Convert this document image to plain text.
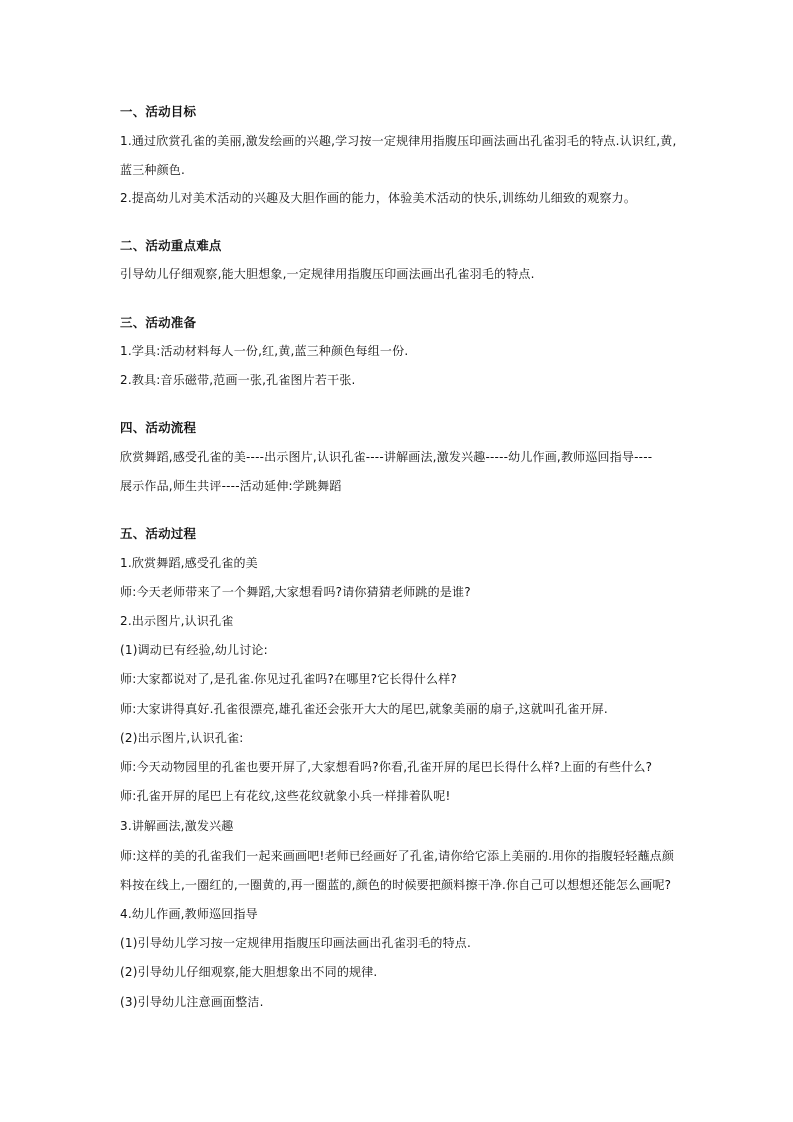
一、活动目标
1.通过欣赏孔雀的美丽,激发绘画的兴趣,学习按一定规律用指腹压印画法画出孔雀羽毛的特点.认识红,黄,
蓝三种颜色.
2.提高幼儿对美术活动的兴趣及大胆作画的能力，体验美术活动的快乐,训练幼儿细致的观察力。
二、活动重点难点
引导幼儿仔细观察,能大胆想象,一定规律用指腹压印画法画出孔雀羽毛的特点.
三、活动准备
1.学具:活动材料每人一份,红,黄,蓝三种颜色每组一份.
2.教具:音乐磁带,范画一张,孔雀图片若干张.
四、活动流程
欣赏舞蹈,感受孔雀的美----出示图片,认识孔雀----讲解画法,激发兴趣-----幼儿作画,教师巡回指导----
展示作品,师生共评----活动延伸:学跳舞蹈
五、活动过程
1.欣赏舞蹈,感受孔雀的美
师:今天老师带来了一个舞蹈,大家想看吗?请你猜猜老师跳的是谁?
2.出示图片,认识孔雀
(1)调动已有经验,幼儿讨论:
师:大家都说对了,是孔雀.你见过孔雀吗?在哪里?它长得什么样?
师:大家讲得真好.孔雀很漂亮,雄孔雀还会张开大大的尾巴,就象美丽的扇子,这就叫孔雀开屏.
(2)出示图片,认识孔雀:
师:今天动物园里的孔雀也要开屏了,大家想看吗?你看,孔雀开屏的尾巴长得什么样?上面的有些什么?
师:孔雀开屏的尾巴上有花纹,这些花纹就象小兵一样排着队呢!
3.讲解画法,激发兴趣
师:这样的美的孔雀我们一起来画画吧!老师已经画好了孔雀,请你给它添上美丽的.用你的指腹轻轻蘸点颜
料按在线上,一圈红的,一圈黄的,再一圈蓝的,颜色的时候要把颜料擦干净.你自己可以想想还能怎么画呢?
4.幼儿作画,教师巡回指导
(1)引导幼儿学习按一定规律用指腹压印画法画出孔雀羽毛的特点.
(2)引导幼儿仔细观察,能大胆想象出不同的规律.
(3)引导幼儿注意画面整洁.
